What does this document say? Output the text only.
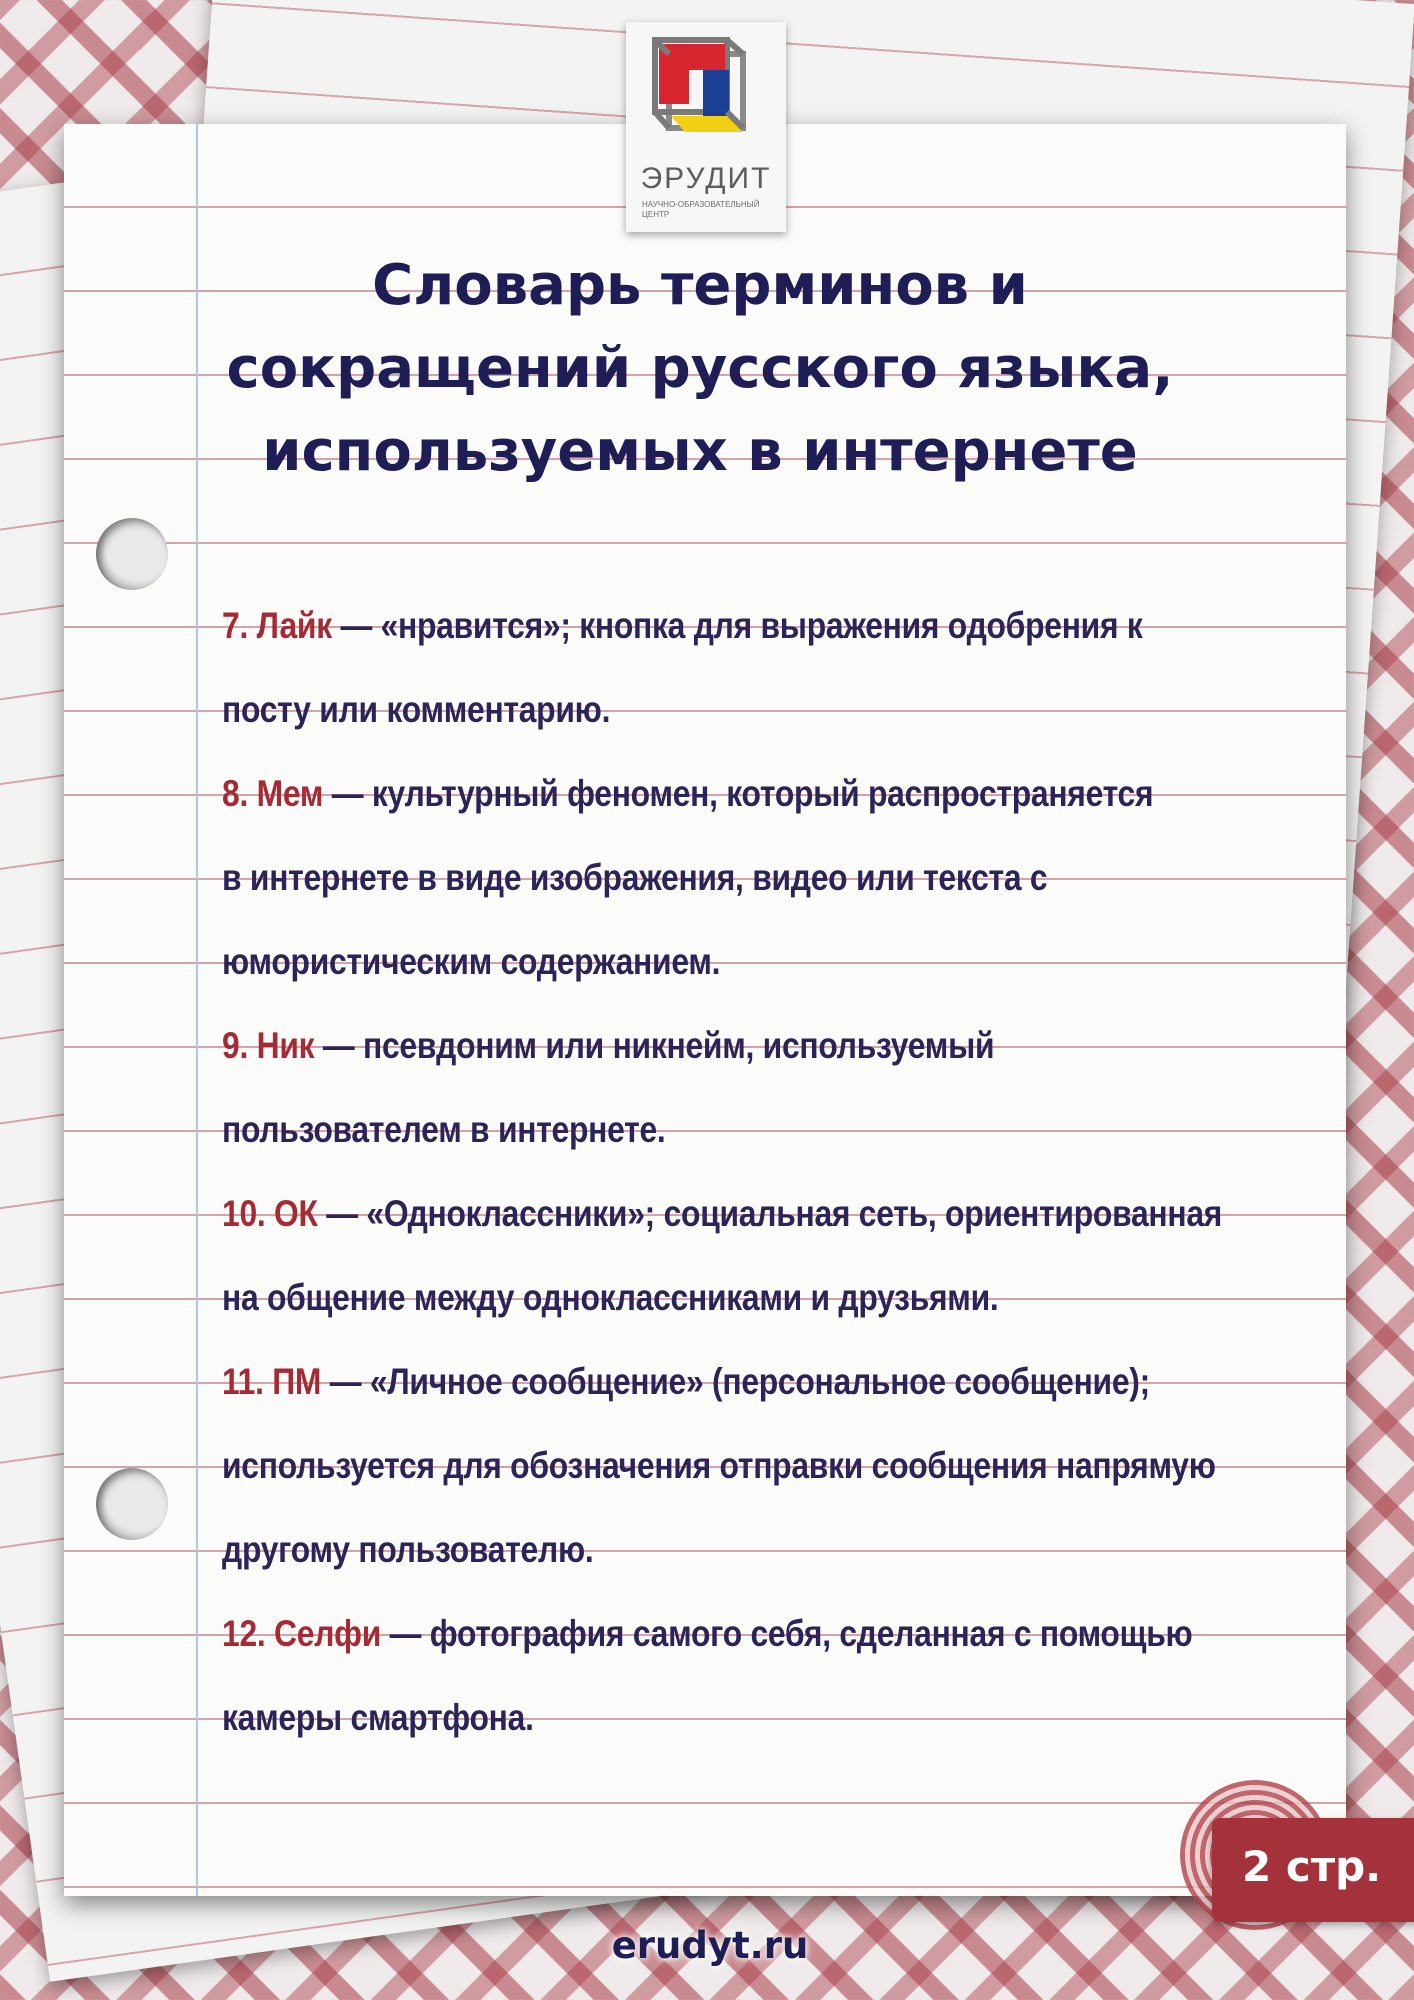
ЭРУДИТ
НАУЧНО-ОБРАЗОВАТЕЛЬНЫЙ
ЦЕНТР
Словарь терминов и
сокращений русского языка,
используемых в интернете
7. Лайк — «нравится»; кнопка для выражения одобрения к
посту или комментарию.
8. Мем — культурный феномен, который распространяется
в интернете в виде изображения, видео или текста с
юмористическим содержанием.
9. Ник — псевдоним или никнейм, используемый
пользователем в интернете.
10. ОК — «Одноклассники»; социальная сеть, ориентированная
на общение между одноклассниками и друзьями.
11. ПМ — «Личное сообщение» (персональное сообщение);
используется для обозначения отправки сообщения напрямую
другому пользователю.
12. Селфи — фотография самого себя, сделанная с помощью
камеры смартфона.
2 стр.
erudyt.ru
